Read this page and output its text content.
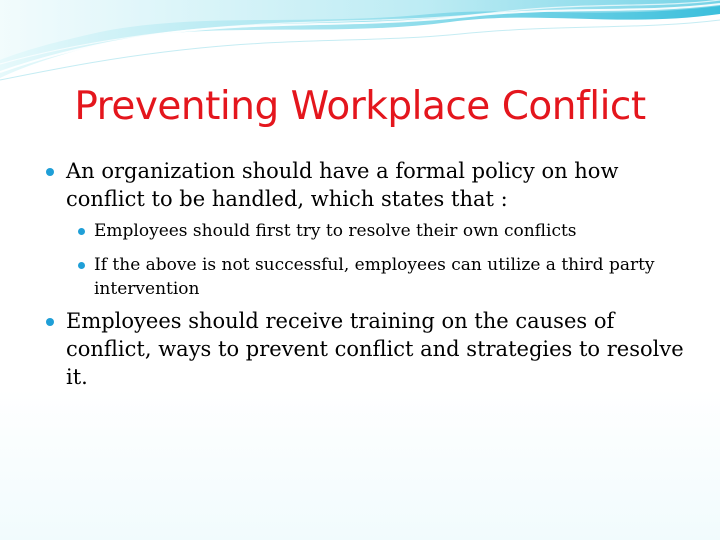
Preventing Workplace Conflict
An organization should have a formal policy on how conflict to be handled, which states that :
Employees should first try to resolve their own conflicts
If the above is not successful, employees can utilize a third party intervention
Employees should receive training on the causes of conflict, ways to prevent conflict and strategies to resolve it.
